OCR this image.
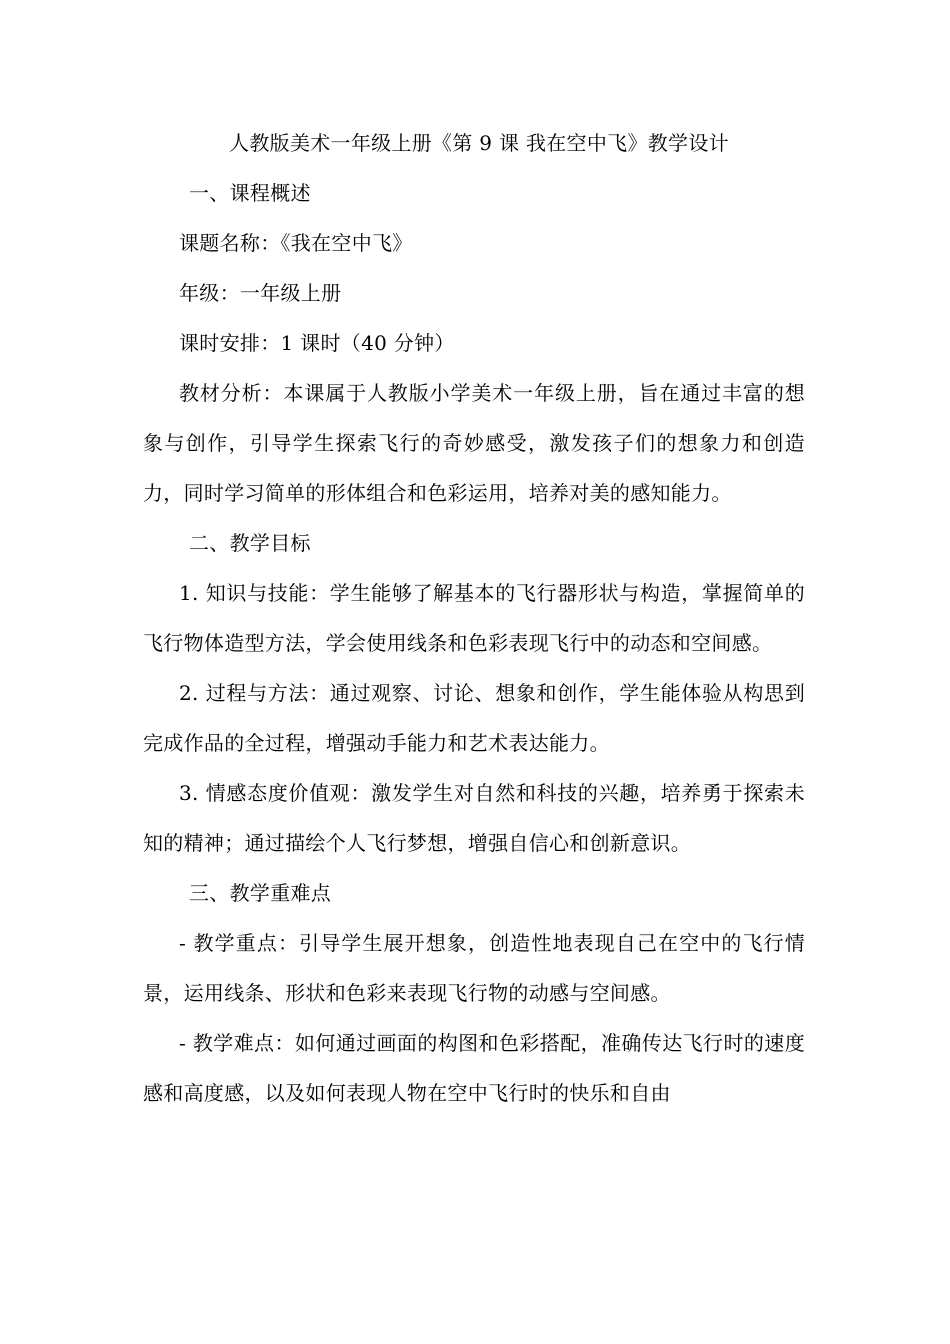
人教版美术一年级上册《第 9 课 我在空中飞》教学设计
一、课程概述

课题名称：《我在空中飞》

年级：一年级上册

课时安排：1 课时（40 分钟）

教材分析：本课属于人教版小学美术一年级上册，旨在通过丰富的想象与创作，引导学生探索飞行的奇妙感受，激发孩子们的想象力和创造力，同时学习简单的形体组合和色彩运用，培养对美的感知能力。

二、教学目标

1. 知识与技能：学生能够了解基本的飞行器形状与构造，掌握简单的飞行物体造型方法，学会使用线条和色彩表现飞行中的动态和空间感。

2. 过程与方法：通过观察、讨论、想象和创作，学生能体验从构思到完成作品的全过程，增强动手能力和艺术表达能力。

3. 情感态度价值观：激发学生对自然和科技的兴趣，培养勇于探索未知的精神；通过描绘个人飞行梦想，增强自信心和创新意识。

三、教学重难点

- 教学重点：引导学生展开想象，创造性地表现自己在空中的飞行情景，运用线条、形状和色彩来表现飞行物的动感与空间感。

- 教学难点：如何通过画面的构图和色彩搭配，准确传达飞行时的速度感和高度感，以及如何表现人物在空中飞行时的快乐和自由
